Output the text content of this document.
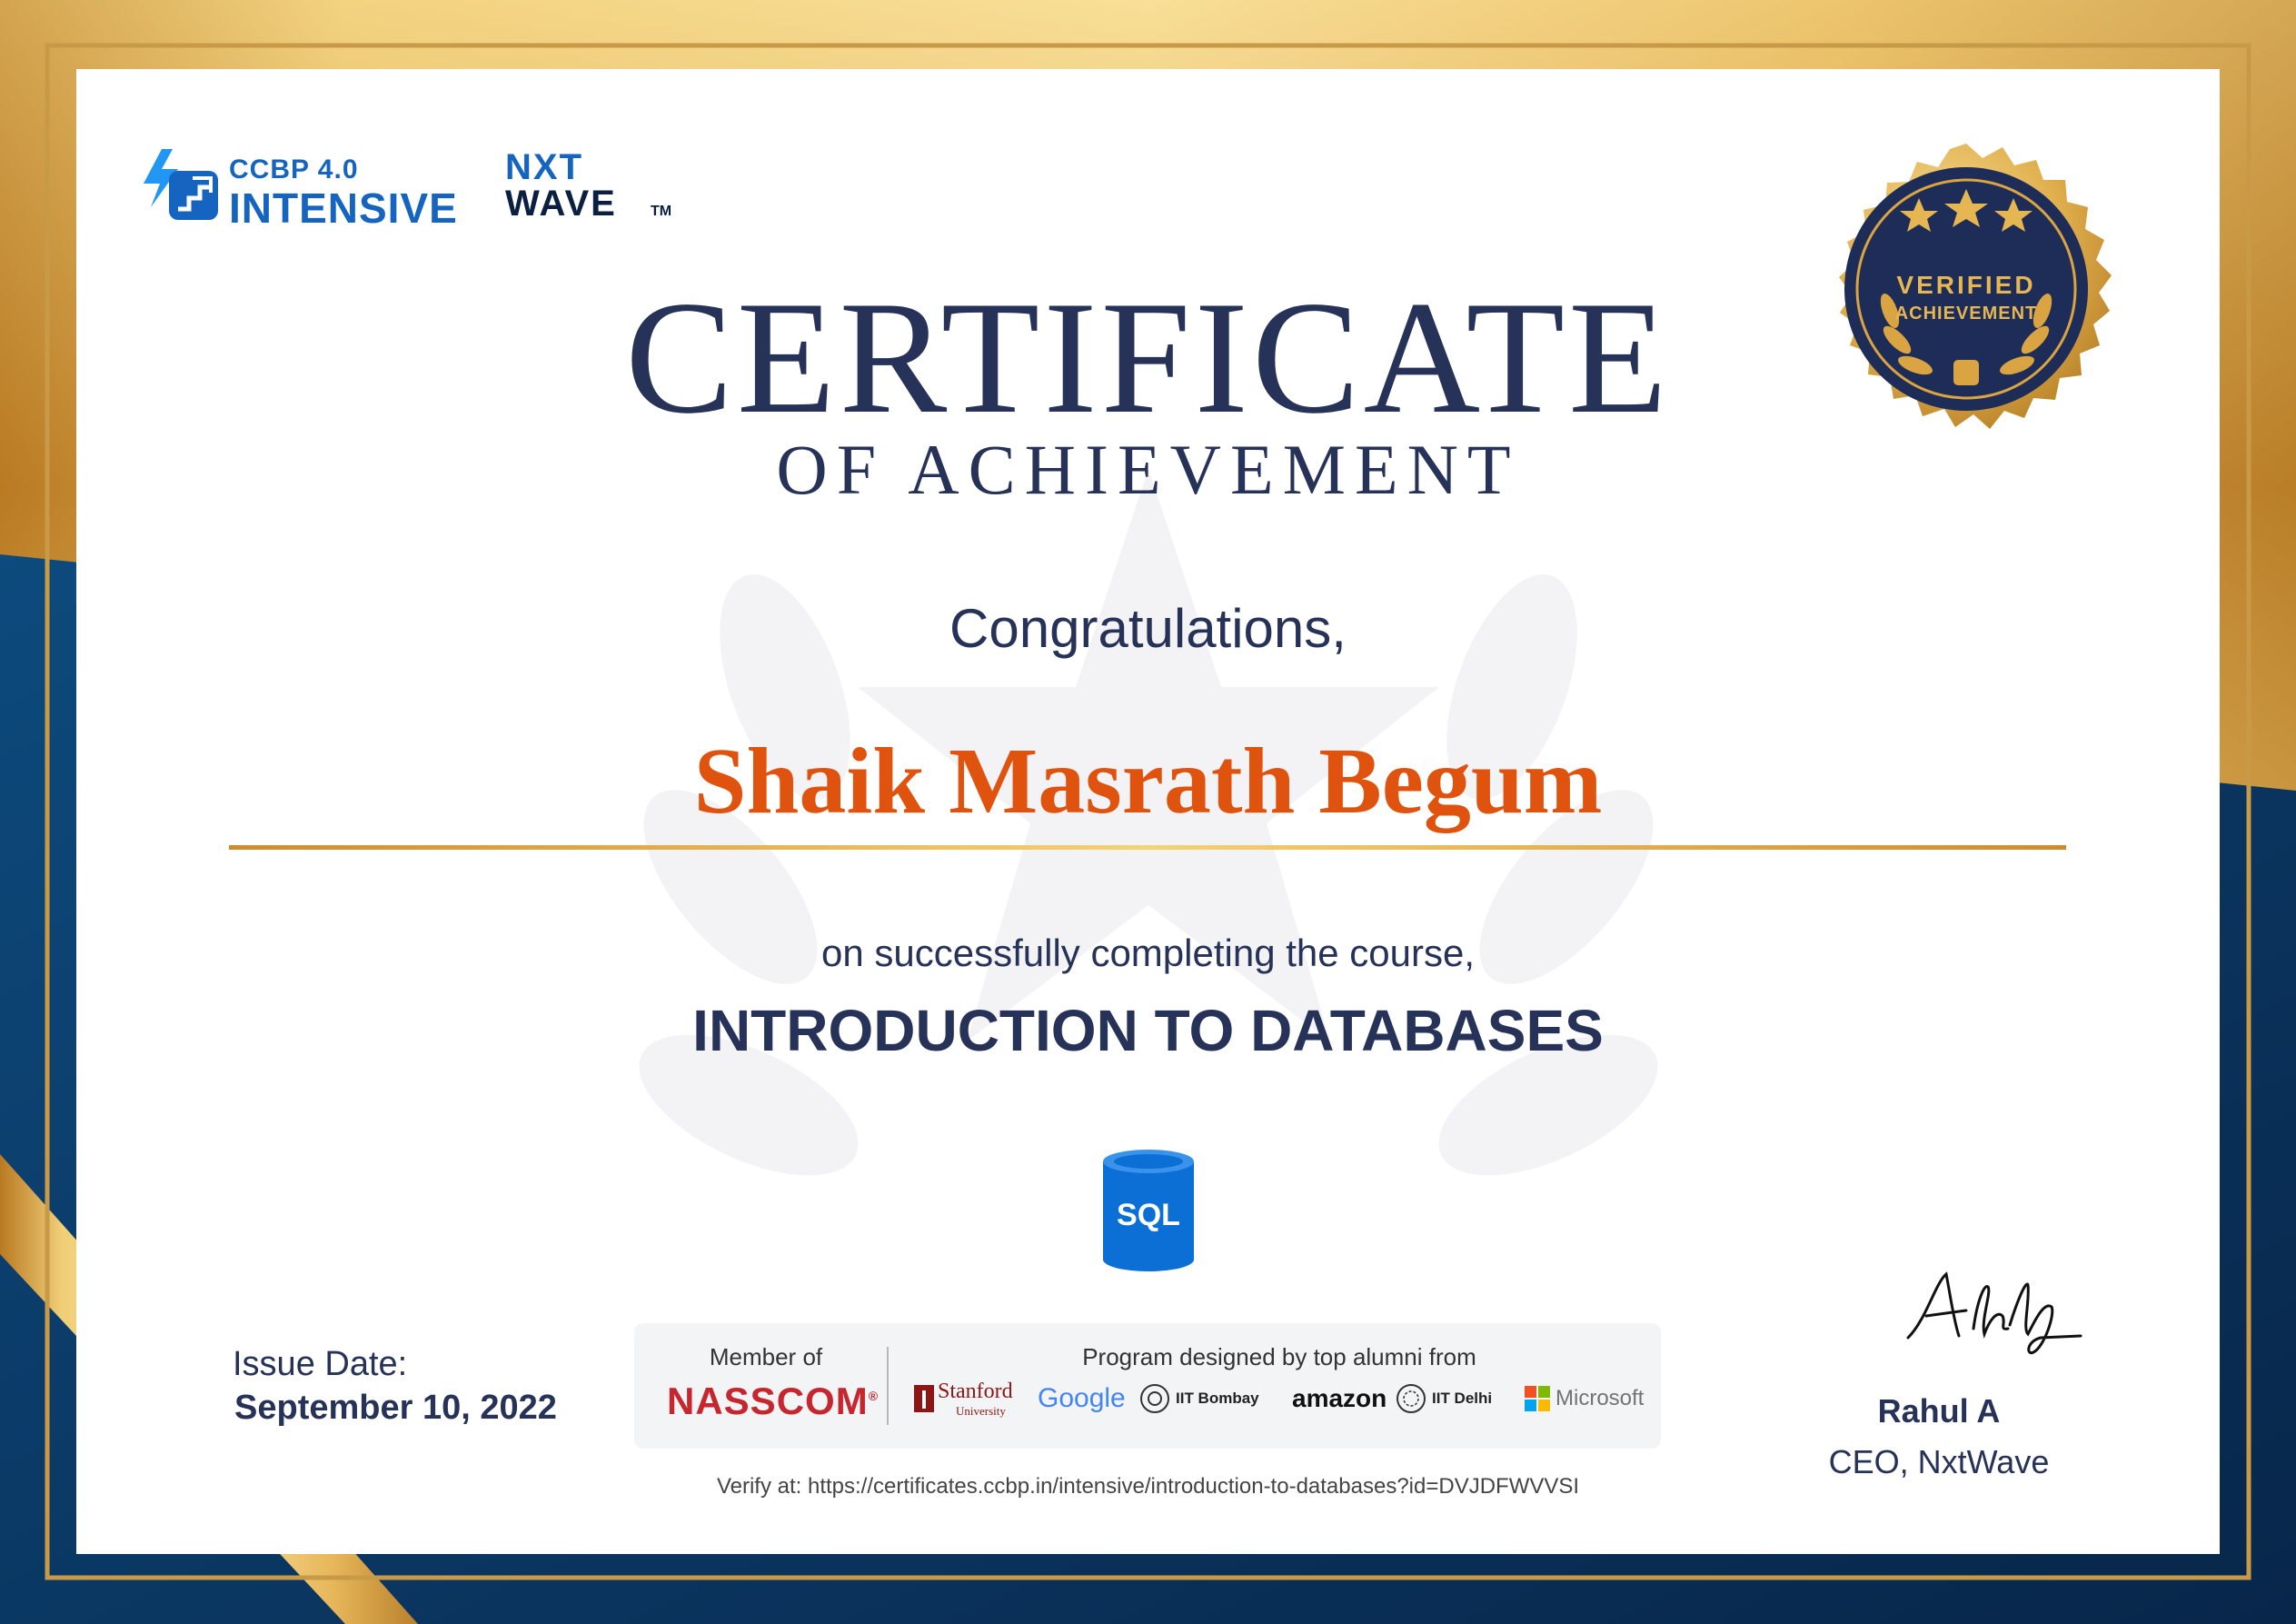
CCBP 4.0
INTENSIVE
NXT
WAVE TM
VERIFIED
ACHIEVEMENT
CERTIFICATE
OF ACHIEVEMENT
Congratulations,
Shaik Masrath Begum
on successfully completing the course,
INTRODUCTION TO DATABASES
SQL
Issue Date:
September 10, 2022
Member of
NASSCOM®
Program designed by top alumni from
Stanford
University Google	IIT Bombay amazon	IIT Delhi	Microsoft
Verify at: https://certificates.ccbp.in/intensive/introduction-to-databases?id=DVJDFWVVSI
Rahul A
CEO, NxtWave
